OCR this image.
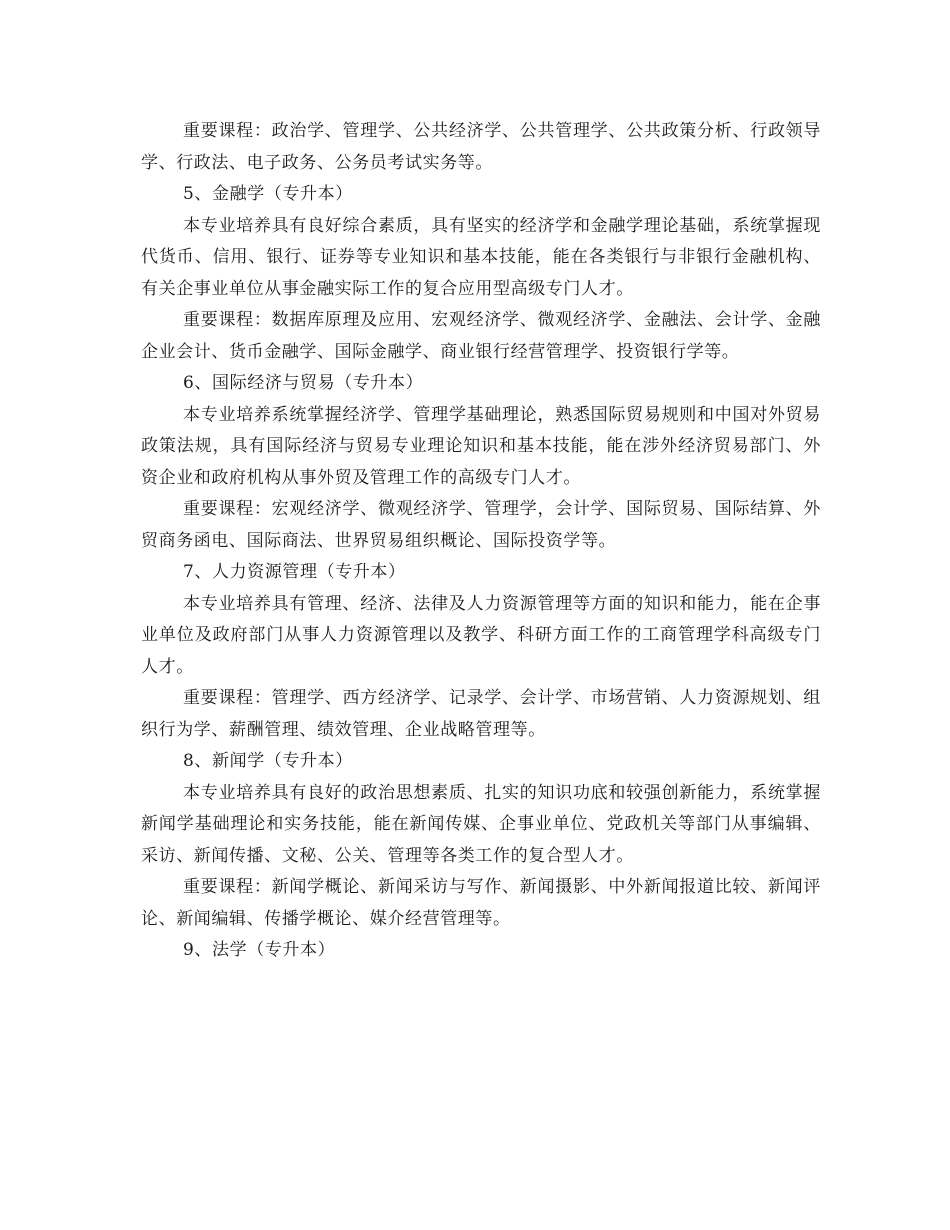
重要课程：政治学、管理学、公共经济学、公共管理学、公共政策分析、行政领导学、行政法、电子政务、公务员考试实务等。

5、金融学（专升本）

本专业培养具有良好综合素质，具有坚实的经济学和金融学理论基础，系统掌握现代货币、信用、银行、证券等专业知识和基本技能，能在各类银行与非银行金融机构、有关企事业单位从事金融实际工作的复合应用型高级专门人才。

重要课程：数据库原理及应用、宏观经济学、微观经济学、金融法、会计学、金融企业会计、货币金融学、国际金融学、商业银行经营管理学、投资银行学等。

6、国际经济与贸易（专升本）

本专业培养系统掌握经济学、管理学基础理论，熟悉国际贸易规则和中国对外贸易政策法规，具有国际经济与贸易专业理论知识和基本技能，能在涉外经济贸易部门、外资企业和政府机构从事外贸及管理工作的高级专门人才。

重要课程：宏观经济学、微观经济学、管理学，会计学、国际贸易、国际结算、外贸商务函电、国际商法、世界贸易组织概论、国际投资学等。

7、人力资源管理（专升本）

本专业培养具有管理、经济、法律及人力资源管理等方面的知识和能力，能在企事业单位及政府部门从事人力资源管理以及教学、科研方面工作的工商管理学科高级专门人才。

重要课程：管理学、西方经济学、记录学、会计学、市场营销、人力资源规划、组织行为学、薪酬管理、绩效管理、企业战略管理等。

8、新闻学（专升本）

本专业培养具有良好的政治思想素质、扎实的知识功底和较强创新能力，系统掌握新闻学基础理论和实务技能，能在新闻传媒、企事业单位、党政机关等部门从事编辑、采访、新闻传播、文秘、公关、管理等各类工作的复合型人才。

重要课程：新闻学概论、新闻采访与写作、新闻摄影、中外新闻报道比较、新闻评论、新闻编辑、传播学概论、媒介经营管理等。

9、法学（专升本）
